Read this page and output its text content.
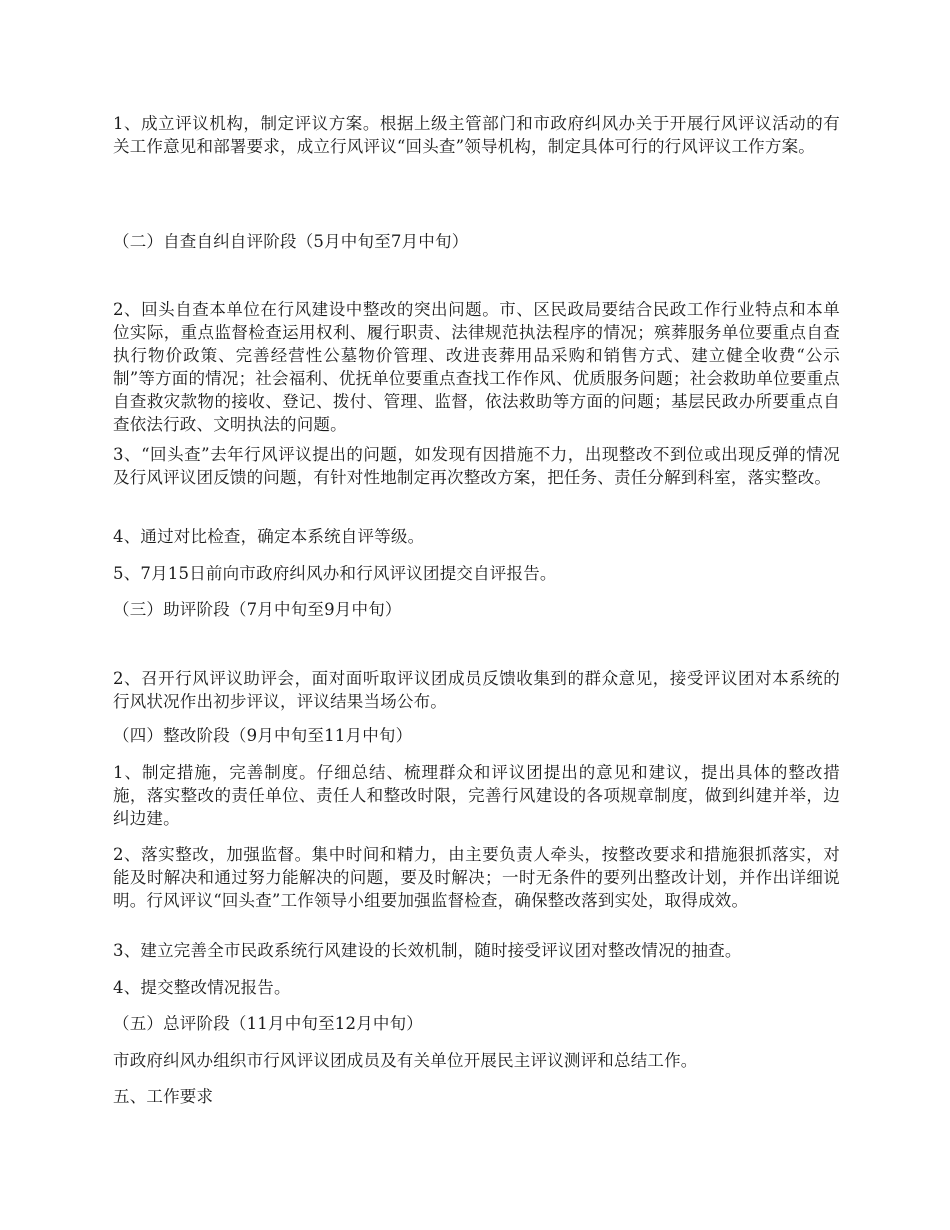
1、成立评议机构，制定评议方案。根据上级主管部门和市政府纠风办关于开展行风评议活动的有关工作意见和部署要求，成立行风评议“回头查”领导机构，制定具体可行的行风评议工作方案。

（二）自查自纠自评阶段（5月中旬至7月中旬）

2、回头自查本单位在行风建设中整改的突出问题。市、区民政局要结合民政工作行业特点和本单位实际，重点监督检查运用权利、履行职责、法律规范执法程序的情况；殡葬服务单位要重点自查执行物价政策、完善经营性公墓物价管理、改进丧葬用品采购和销售方式、建立健全收费“公示制”等方面的情况；社会福利、优抚单位要重点查找工作作风、优质服务问题；社会救助单位要重点自查救灾款物的接收、登记、拨付、管理、监督，依法救助等方面的问题；基层民政办所要重点自查依法行政、文明执法的问题。

3、“回头查”去年行风评议提出的问题，如发现有因措施不力，出现整改不到位或出现反弹的情况及行风评议团反馈的问题，有针对性地制定再次整改方案，把任务、责任分解到科室，落实整改。

4、通过对比检查，确定本系统自评等级。

5、7月15日前向市政府纠风办和行风评议团提交自评报告。

（三）助评阶段（7月中旬至9月中旬）

2、召开行风评议助评会，面对面听取评议团成员反馈收集到的群众意见，接受评议团对本系统的行风状况作出初步评议，评议结果当场公布。

（四）整改阶段（9月中旬至11月中旬）

1、制定措施，完善制度。仔细总结、梳理群众和评议团提出的意见和建议，提出具体的整改措施，落实整改的责任单位、责任人和整改时限，完善行风建设的各项规章制度，做到纠建并举，边纠边建。

2、落实整改，加强监督。集中时间和精力，由主要负责人牵头，按整改要求和措施狠抓落实，对能及时解决和通过努力能解决的问题，要及时解决；一时无条件的要列出整改计划，并作出详细说明。行风评议“回头查”工作领导小组要加强监督检查，确保整改落到实处，取得成效。

3、建立完善全市民政系统行风建设的长效机制，随时接受评议团对整改情况的抽查。

4、提交整改情况报告。

（五）总评阶段（11月中旬至12月中旬）

市政府纠风办组织市行风评议团成员及有关单位开展民主评议测评和总结工作。

五、工作要求
